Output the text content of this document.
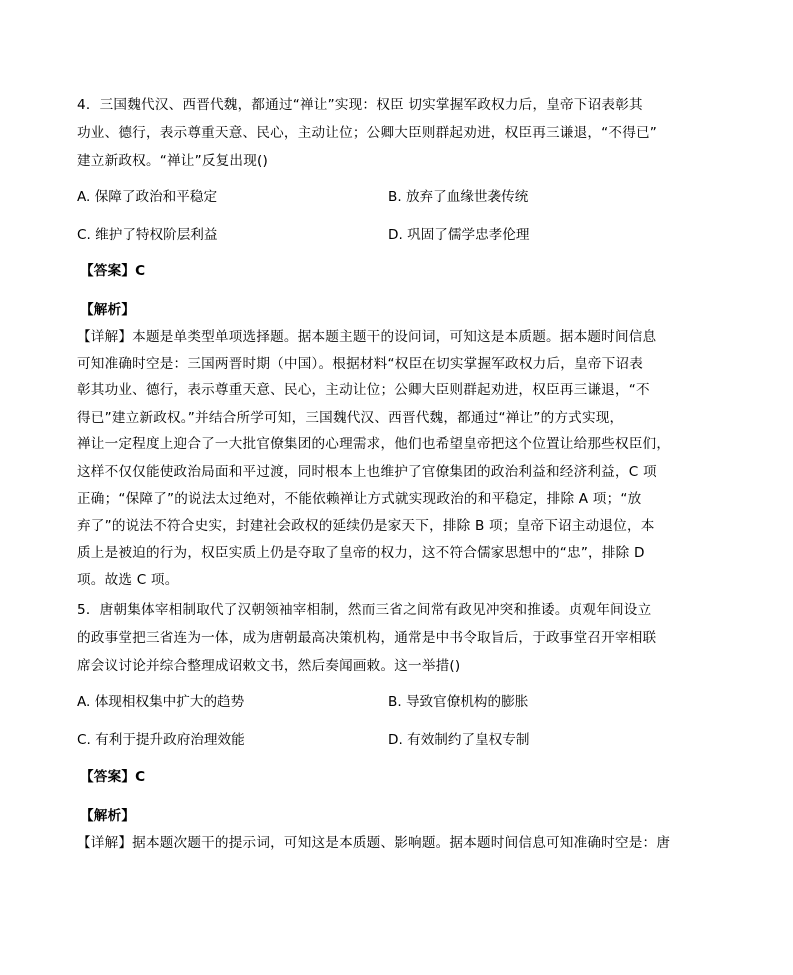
4．三国魏代汉、西晋代魏，都通过“禅让”实现：权臣 切实掌握军政权力后，皇帝下诏表彰其
功业、德行，表示尊重天意、民心，主动让位；公卿大臣则群起劝进，权臣再三谦退，“不得已”
建立新政权。“禅让”反复出现()
A. 保障了政治和平稳定	B. 放弃了血缘世袭传统
C. 维护了特权阶层利益	D. 巩固了儒学忠孝伦理
【答案】C
【解析】
【详解】本题是单类型单项选择题。据本题主题干的设问词，可知这是本质题。据本题时间信息
可知准确时空是：三国两晋时期（中国）。根据材料“权臣在切实掌握军政权力后，皇帝下诏表
彰其功业、德行，表示尊重天意、民心，主动让位；公卿大臣则群起劝进，权臣再三谦退，“不
得已”建立新政权。”并结合所学可知，三国魏代汉、西晋代魏，都通过“禅让”的方式实现，
禅让一定程度上迎合了一大批官僚集团的心理需求，他们也希望皇帝把这个位置让给那些权臣们，
这样不仅仅能使政治局面和平过渡，同时根本上也维护了官僚集团的政治利益和经济利益，C 项
正确；“保障了”的说法太过绝对，不能依赖禅让方式就实现政治的和平稳定，排除 A 项；“放
弃了”的说法不符合史实，封建社会政权的延续仍是家天下，排除 B 项；皇帝下诏主动退位，本
质上是被迫的行为，权臣实质上仍是夺取了皇帝的权力，这不符合儒家思想中的“忠”，排除 D
项。故选 C 项。
5．唐朝集体宰相制取代了汉朝领袖宰相制，然而三省之间常有政见冲突和推诿。贞观年间设立
的政事堂把三省连为一体，成为唐朝最高决策机构，通常是中书令取旨后，于政事堂召开宰相联
席会议讨论并综合整理成诏敕文书，然后奏闻画敕。这一举措()
A. 体现相权集中扩大的趋势	B. 导致官僚机构的膨胀
C. 有利于提升政府治理效能	D. 有效制约了皇权专制
【答案】C
【解析】
【详解】据本题次题干的提示词，可知这是本质题、影响题。据本题时间信息可知准确时空是：唐
